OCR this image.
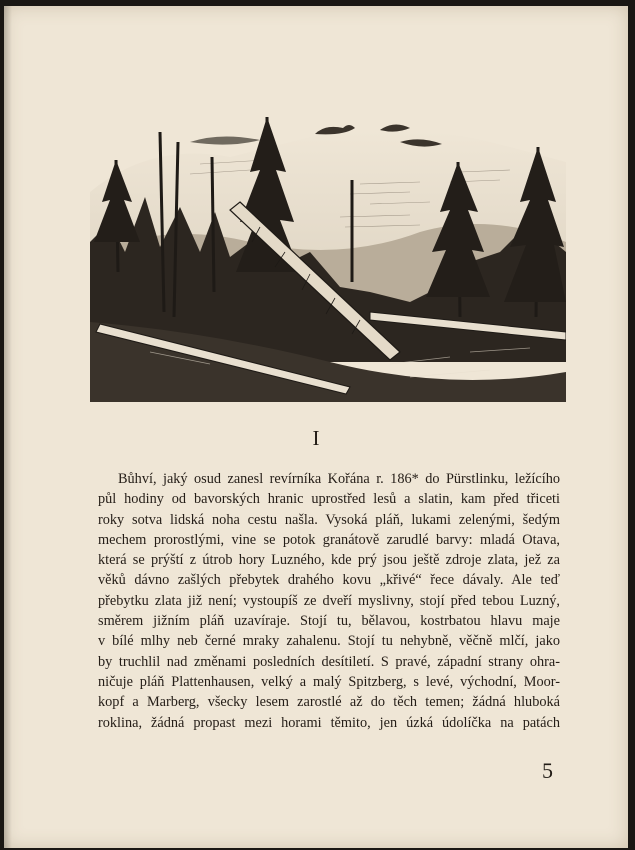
I
Bůhví, jaký osud zanesl revírníka Kořána r. 186* do Pürstlinku, ležícího
půl hodiny od bavorských hranic uprostřed lesů a slatin, kam před třiceti
roky sotva lidská noha cestu našla. Vysoká pláň, lukami zelenými, šedým
mechem prorostlými, vine se potok granátově zarudlé barvy: mladá Otava,
která se prýští z útrob hory Luzného, kde prý jsou ještě zdroje zlata, jež za
věků dávno zašlých přebytek drahého kovu „křivé“ řece dávaly. Ale teď
přebytku zlata již není; vystoupíš ze dveří myslivny, stojí před tebou Luzný,
směrem jižním pláň uzavíraje. Stojí tu, bělavou, kostrbatou hlavu maje
v bílé mlhy neb černé mraky zahalenu. Stojí tu nehybně, věčně mlčí, jako
by truchlil nad změnami posledních desítiletí. S pravé, západní strany ohra-
ničuje pláň Plattenhausen, velký a malý Spitzberg, s levé, východní, Moor-
kopf a Marberg, všecky lesem zarostlé až do těch temen; žádná hluboká
roklina, žádná propast mezi horami těmito, jen úzká údolíčka na patách
5
